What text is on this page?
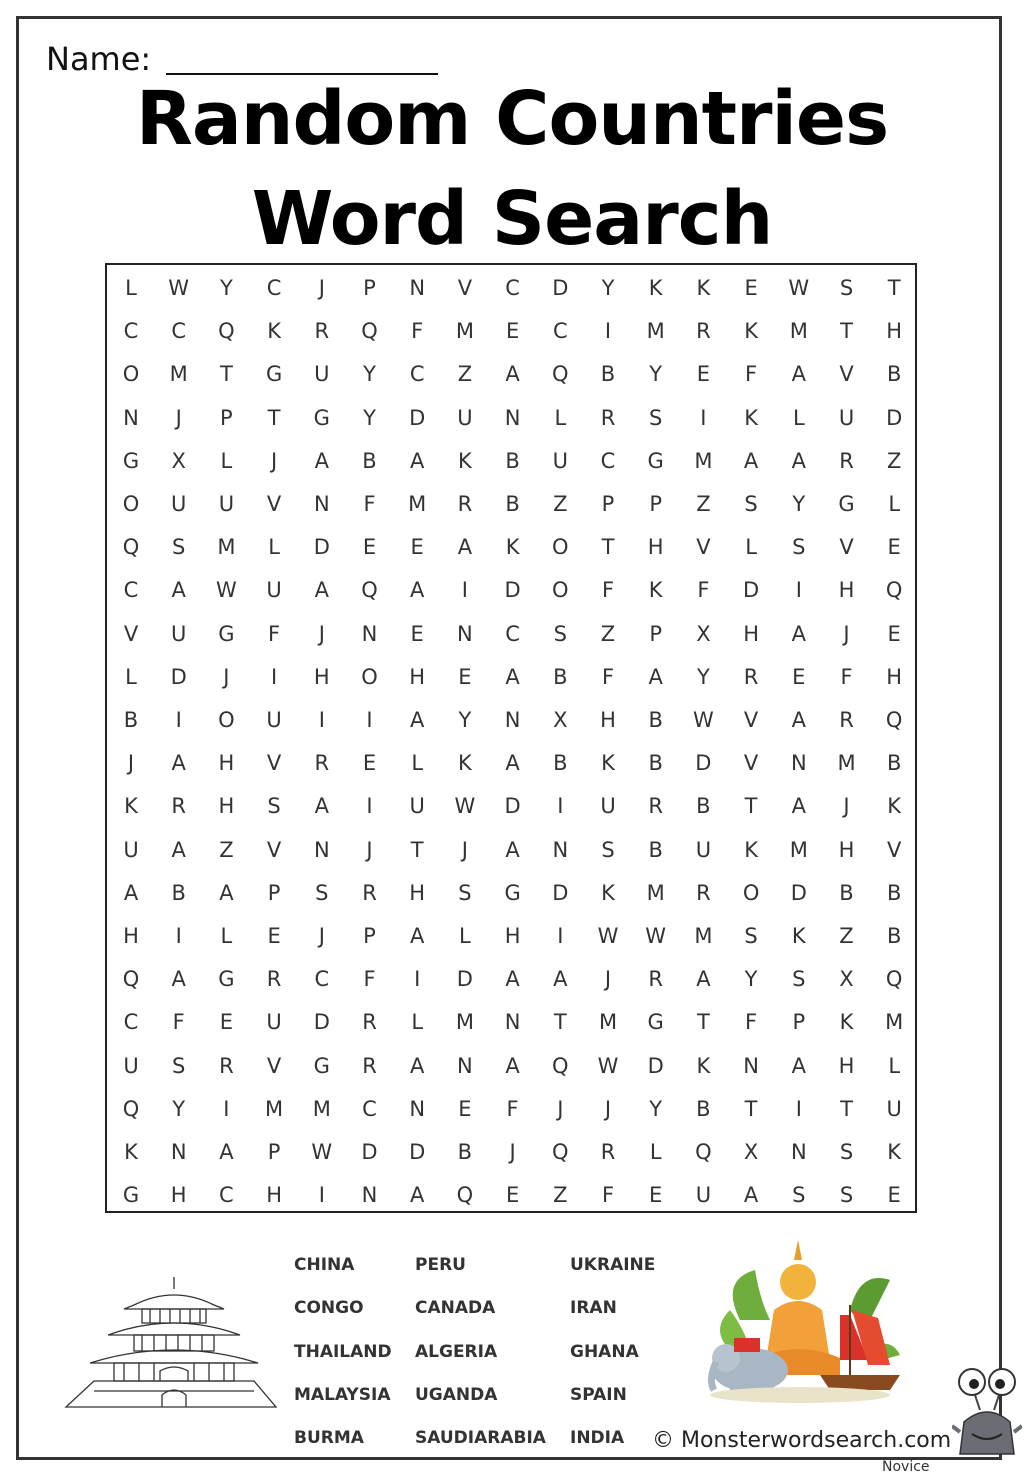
Name:
Random Countries
Word Search
L	W	Y	C	J	P	N	V	C	D	Y	K	K	E	W	S	T
C	C	Q	K	R	Q	F	M	E	C	I	M	R	K	M	T	H
O	M	T	G	U	Y	C	Z	A	Q	B	Y	E	F	A	V	B
N	J	P	T	G	Y	D	U	N	L	R	S	I	K	L	U	D
G	X	L	J	A	B	A	K	B	U	C	G	M	A	A	R	Z
O	U	U	V	N	F	M	R	B	Z	P	P	Z	S	Y	G	L
Q	S	M	L	D	E	E	A	K	O	T	H	V	L	S	V	E
C	A	W	U	A	Q	A	I	D	O	F	K	F	D	I	H	Q
V	U	G	F	J	N	E	N	C	S	Z	P	X	H	A	J	E
L	D	J	I	H	O	H	E	A	B	F	A	Y	R	E	F	H
B	I	O	U	I	I	A	Y	N	X	H	B	W	V	A	R	Q
J	A	H	V	R	E	L	K	A	B	K	B	D	V	N	M	B
K	R	H	S	A	I	U	W	D	I	U	R	B	T	A	J	K
U	A	Z	V	N	J	T	J	A	N	S	B	U	K	M	H	V
A	B	A	P	S	R	H	S	G	D	K	M	R	O	D	B	B
H	I	L	E	J	P	A	L	H	I	W	W	M	S	K	Z	B
Q	A	G	R	C	F	I	D	A	A	J	R	A	Y	S	X	Q
C	F	E	U	D	R	L	M	N	T	M	G	T	F	P	K	M
U	S	R	V	G	R	A	N	A	Q	W	D	K	N	A	H	L
Q	Y	I	M	M	C	N	E	F	J	J	Y	B	T	I	T	U
K	N	A	P	W	D	D	B	J	Q	R	L	Q	X	N	S	K
G	H	C	H	I	N	A	Q	E	Z	F	E	U	A	S	S	E
CHINA
CONGO
THAILAND
MALAYSIA
BURMA
PERU
CANADA
ALGERIA
UGANDA
SAUDIARABIA
UKRAINE
IRAN
GHANA
SPAIN
INDIA © Monsterwordsearch.com
Novice
